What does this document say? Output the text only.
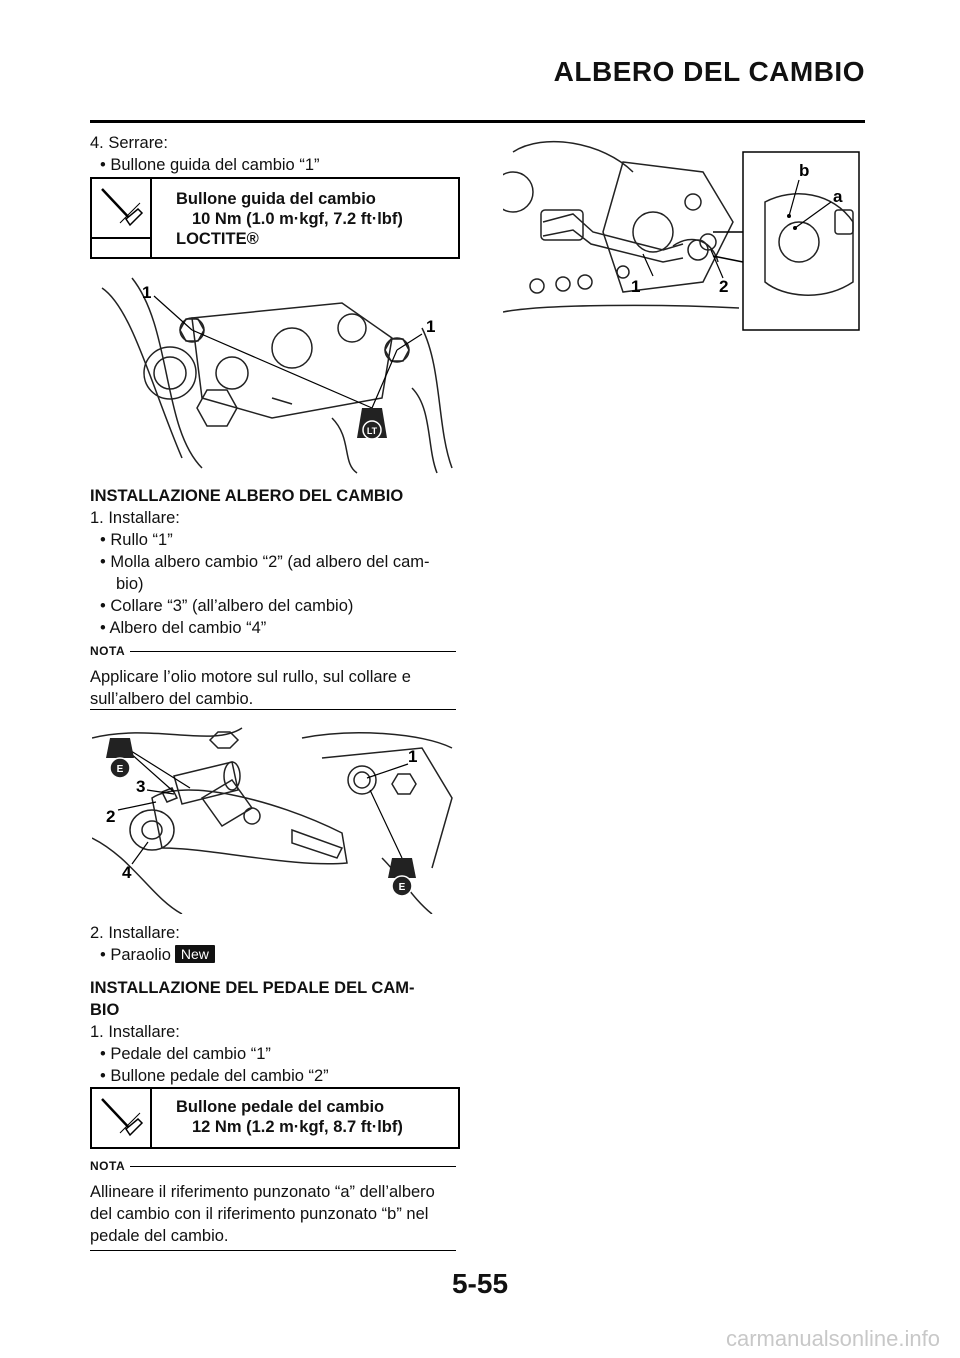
ALBERO DEL CAMBIO
4. Serrare:
• Bullone guida del cambio “1”
Bullone guida del cambio
10 Nm (1.0 m·kgf, 7.2 ft·lbf)
LOCTITE®
LT
1
1
INSTALLAZIONE ALBERO DEL CAMBIO
1. Installare:
• Rullo “1”
• Molla albero cambio “2” (ad albero del cam-
bio)
• Collare “3” (all’albero del cambio)
• Albero del cambio “4”
NOTA
Applicare l’olio motore sul rullo, sul collare e
sull’albero del cambio.
E
E
1
2
3
4
2. Installare:
• Paraolio New
INSTALLAZIONE DEL PEDALE DEL CAM-
BIO
1. Installare:
• Pedale del cambio “1”
• Bullone pedale del cambio “2”
Bullone pedale del cambio
12 Nm (1.2 m·kgf, 8.7 ft·lbf)
NOTA
Allineare il riferimento punzonato “a” dell’albero
del cambio con il riferimento punzonato “b” nel
pedale del cambio.
1	2
a
b
5-55
carmanualsonline.info
